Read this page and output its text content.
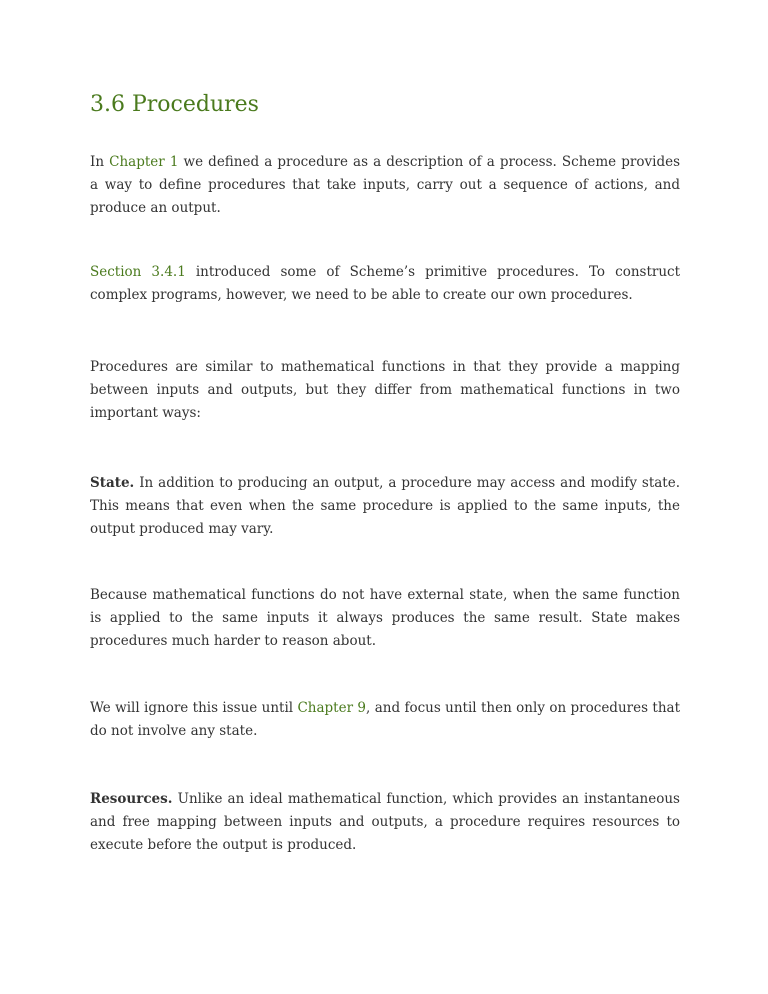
3.6 Procedures

In Chapter 1 we defined a procedure as a description of a process. Scheme provides a way to define procedures that take inputs, carry out a sequence of actions, and produce an output.

Section 3.4.1 introduced some of Scheme’s primitive procedures. To construct complex programs, however, we need to be able to create our own procedures.

Procedures are similar to mathematical functions in that they provide a mapping between inputs and outputs, but they differ from mathematical functions in two important ways:

State. In addition to producing an output, a procedure may access and modify state. This means that even when the same procedure is applied to the same inputs, the output produced may vary.

Because mathematical functions do not have external state, when the same function is applied to the same inputs it always produces the same result. State makes procedures much harder to reason about.

We will ignore this issue until Chapter 9, and focus until then only on procedures that do not involve any state.

Resources. Unlike an ideal mathematical function, which provides an instantaneous and free mapping between inputs and outputs, a procedure requires resources to execute before the output is produced.
